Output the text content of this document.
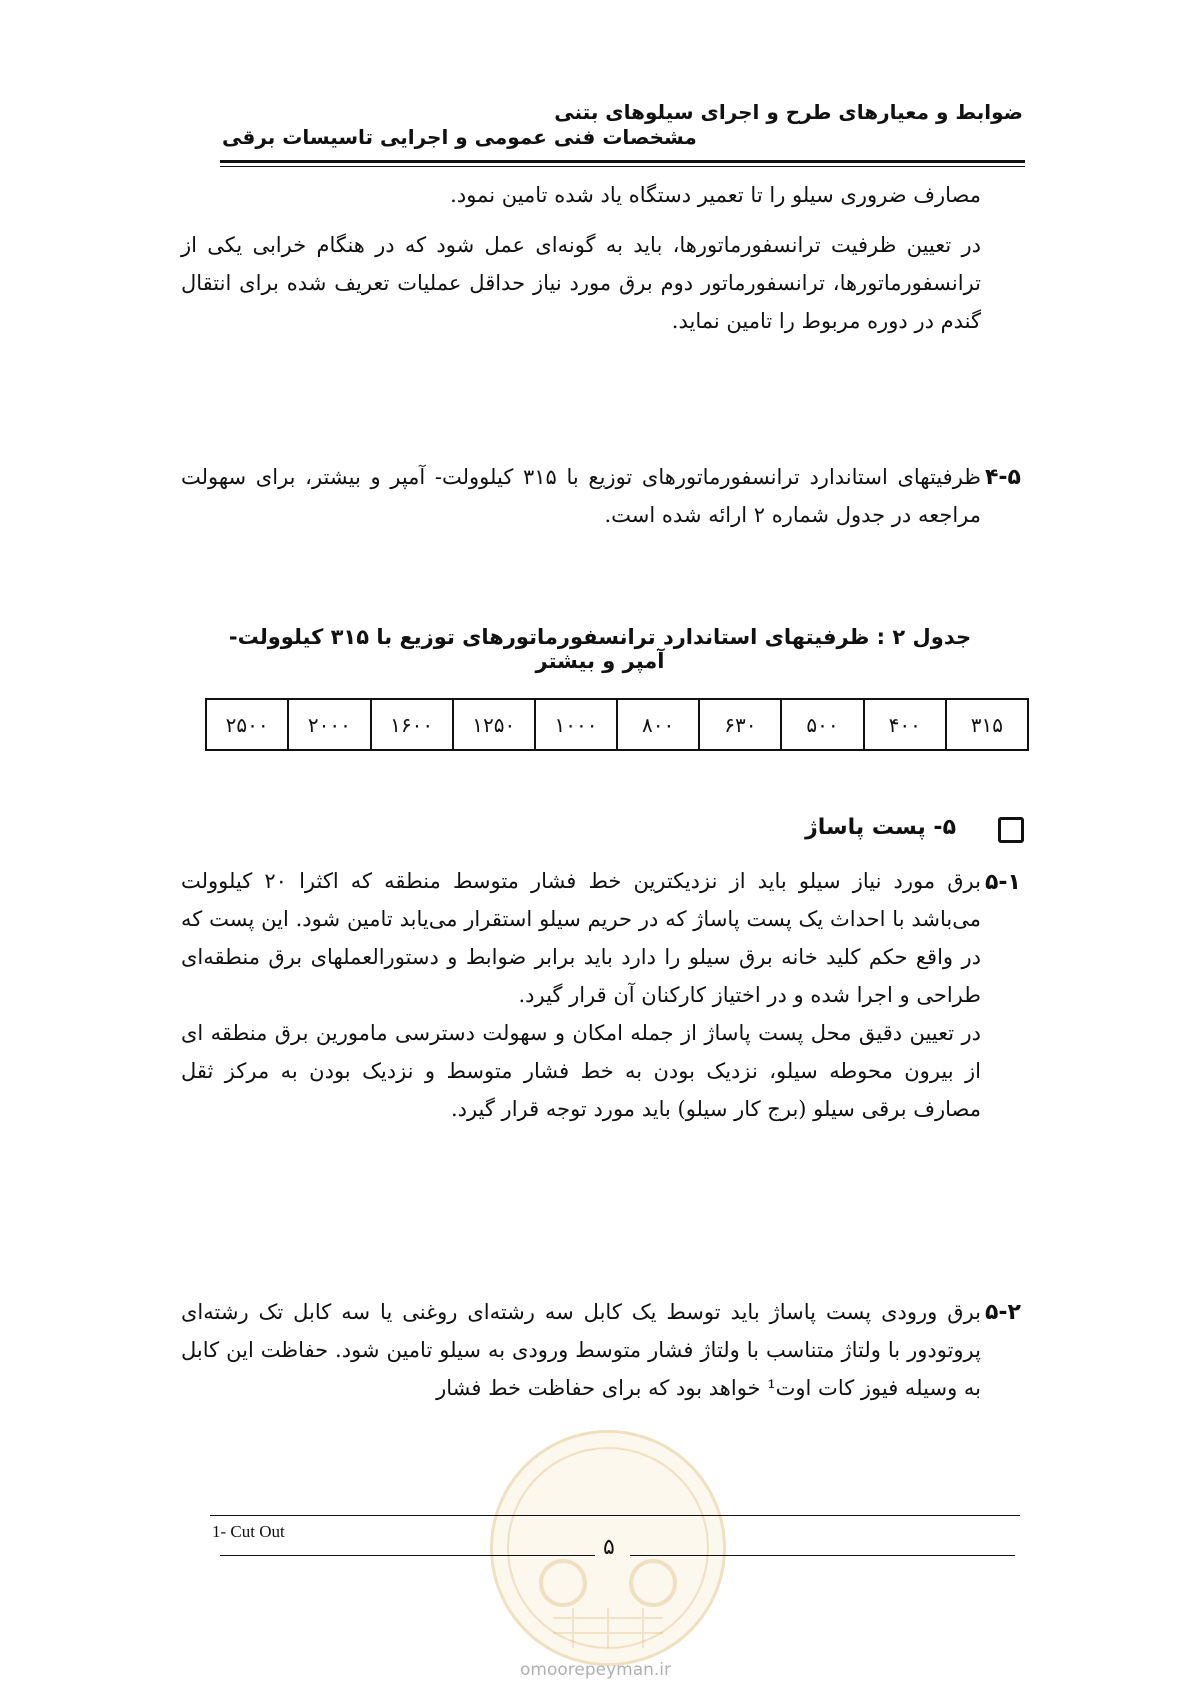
ضوابط و معیارهای طرح و اجرای سیلوهای بتنی
مشخصات فنی عمومی و اجرایی تاسیسات برقی

مصارف ضروری سیلو را تا تعمیر دستگاه یاد شده تامین نمود.

در تعیین ظرفیت ترانسفورماتورها، باید به گونه‌ای عمل شود که در هنگام خرابی یکی از ترانسفورماتورها، ترانسفورماتور دوم برق مورد نیاز حداقل عملیات تعریف شده برای انتقال گندم در دوره مربوط را تامین نماید.

۴-۵
ظرفیتهای استاندارد ترانسفورماتورهای توزیع با ۳۱۵ کیلوولت- آمپر و بیشتر، برای سهولت مراجعه در جدول شماره ۲ ارائه شده است.
جدول ۲ : ظرفیتهای استاندارد ترانسفورماتورهای توزیع با ۳۱۵ کیلوولت- آمپر و بیشتر
۳۱۵	۴۰۰	۵۰۰	۶۳۰	۸۰۰	۱۰۰۰	۱۲۵۰	۱۶۰۰	۲۰۰۰	۲۵۰۰
۵- پست پاساژ
۵-۱

برق مورد نیاز سیلو باید از نزدیکترین خط فشار متوسط منطقه که اکثرا ۲۰ کیلوولت می‌باشد با احداث یک پست پاساژ که در حریم سیلو استقرار می‌یابد تامین شود. این پست که در واقع حکم کلید خانه برق سیلو را دارد باید برابر ضوابط و دستورالعملهای برق منطقه‌ای طراحی و اجرا شده و در اختیاز کارکنان آن قرار گیرد.

در تعیین دقیق محل پست پاساژ از جمله امکان و سهولت دسترسی مامورین برق منطقه ای از بیرون محوطه سیلو، نزدیک بودن به خط فشار متوسط و نزدیک بودن به مرکز ثقل مصارف برقی سیلو (برج کار سیلو) باید مورد توجه قرار گیرد.

۵-۲
برق ورودی پست پاساژ باید توسط یک کابل سه رشته‌ای روغنی یا سه کابل تک رشته‌ای پروتودور با ولتاژ متناسب با ولتاژ فشار متوسط ورودی به سیلو تامین شود. حفاظت این کابل به وسیله فیوز کات اوت¹ خواهد بود که برای حفاظت خط فشار
1- Cut Out
۵
omoorepeyman.ir
